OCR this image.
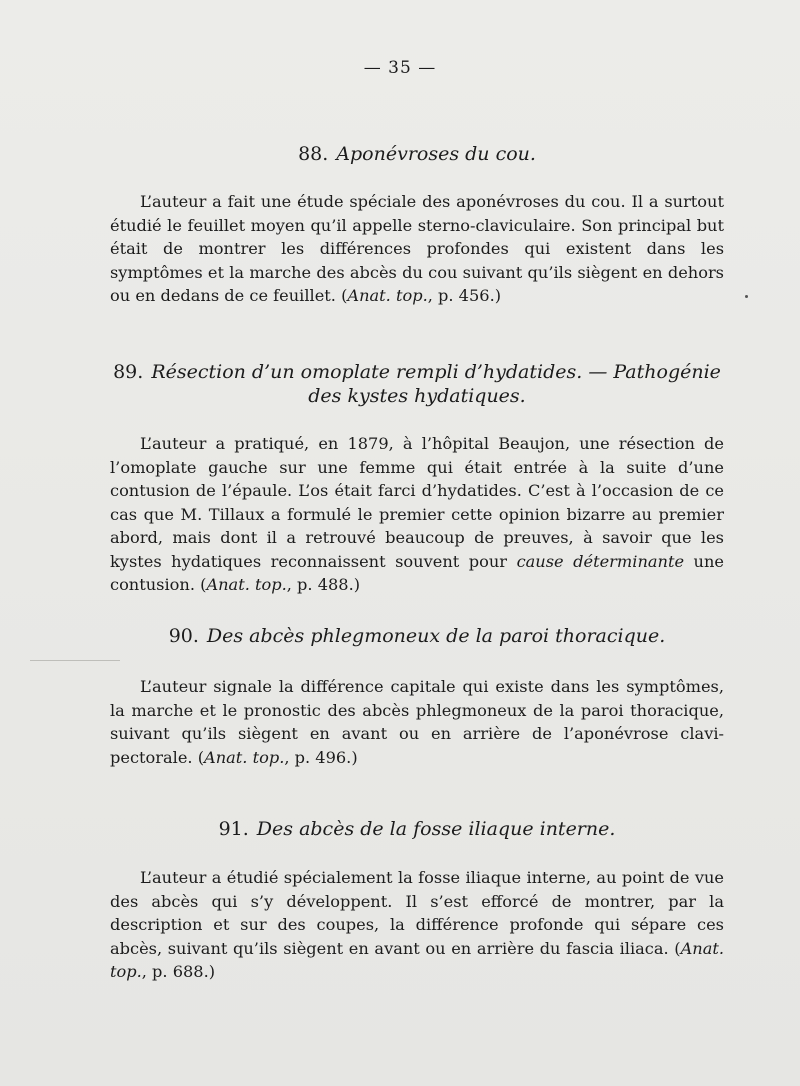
— 35 —
88. Aponévroses du cou.

L’auteur a fait une étude spéciale des aponévroses du cou. Il a surtout étudié le feuillet moyen qu’il appelle sterno-claviculaire. Son principal but était de montrer les différences profondes qui existent dans les symptômes et la marche des abcès du cou suivant qu’ils siègent en dehors ou en dedans de ce feuillet. (Anat. top., p. 456.)

89. Résection d’un omoplate rempli d’hydatides. — Pathogénie
des kystes hydatiques.

L’auteur a pratiqué, en 1879, à l’hôpital Beaujon, une résection de l’omoplate gauche sur une femme qui était entrée à la suite d’une contusion de l’épaule. L’os était farci d’hydatides. C’est à l’occasion de ce cas que M. Tillaux a formulé le premier cette opinion bizarre au premier abord, mais dont il a retrouvé beaucoup de preuves, à savoir que les kystes hydatiques reconnaissent souvent pour cause déterminante une contusion. (Anat. top., p. 488.)

90. Des abcès phlegmoneux de la paroi thoracique.

L’auteur signale la différence capitale qui existe dans les symptômes, la marche et le pronostic des abcès phlegmoneux de la paroi thoracique, suivant qu’ils siègent en avant ou en arrière de l’aponévrose clavi-pectorale. (Anat. top., p. 496.)

91. Des abcès de la fosse iliaque interne.

L’auteur a étudié spécialement la fosse iliaque interne, au point de vue des abcès qui s’y développent. Il s’est efforcé de montrer, par la description et sur des coupes, la différence profonde qui sépare ces abcès, suivant qu’ils siègent en avant ou en arrière du fascia iliaca. (Anat. top., p. 688.)
